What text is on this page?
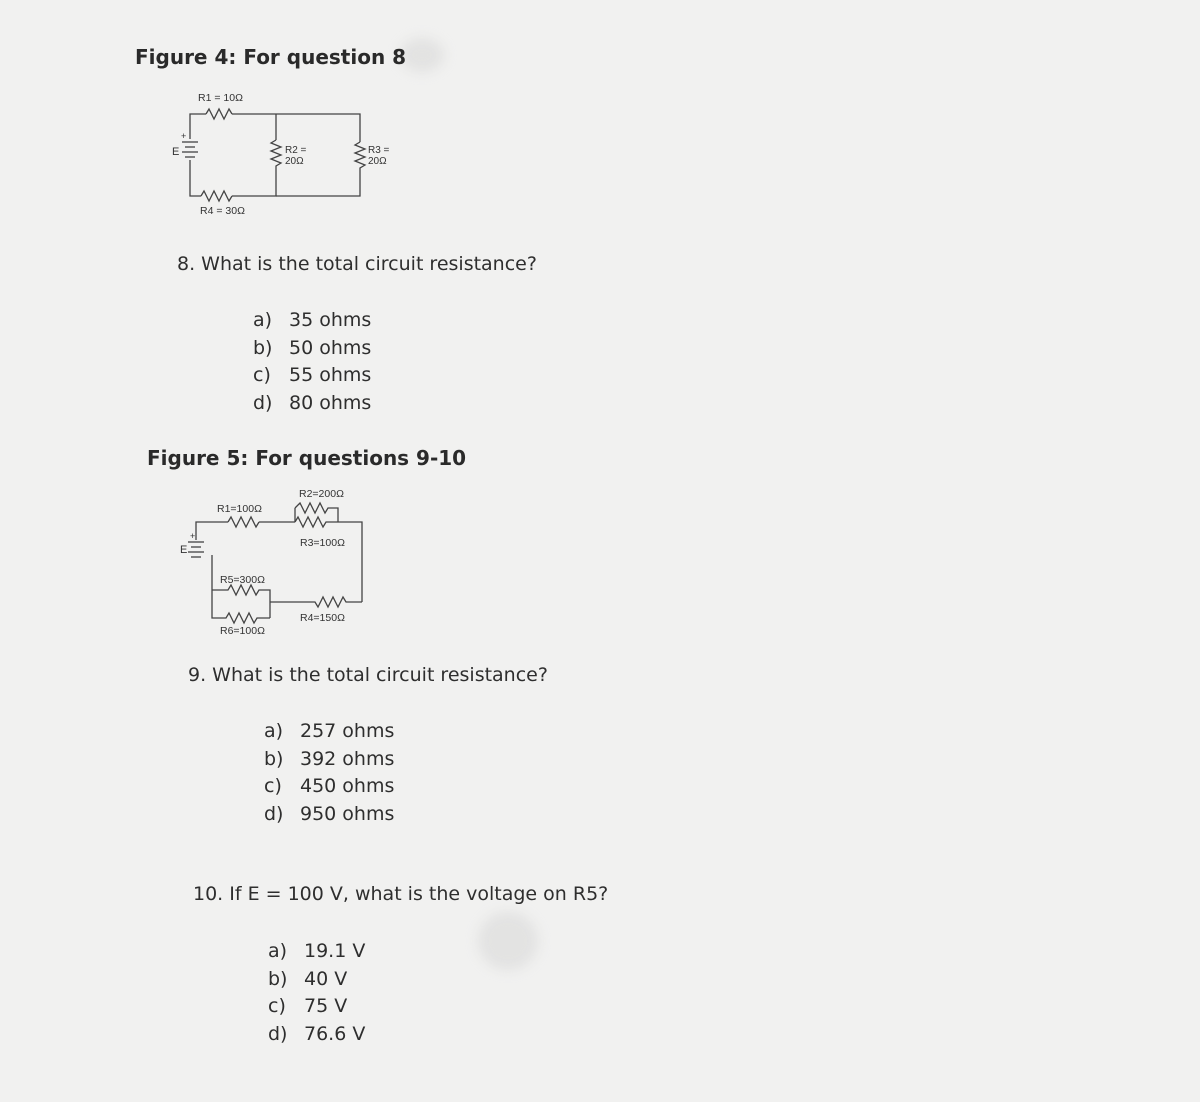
Figure 4: For question 8
R1 = 10Ω
+
E	R2 =
20Ω
R3 =
20Ω
R4 = 30Ω
8. What is the total circuit resistance?
a) 35 ohms
b) 50 ohms
c) 55 ohms
d) 80 ohms
Figure 5: For questions 9-10
R1=100Ω
R2=200Ω
R3=100Ω
+
E
R5=300Ω
R4=150Ω
R6=100Ω
9. What is the total circuit resistance?
a) 257 ohms
b) 392 ohms
c) 450 ohms
d) 950 ohms
10. If E = 100 V, what is the voltage on R5?
a) 19.1 V
b) 40 V
c) 75 V
d) 76.6 V
